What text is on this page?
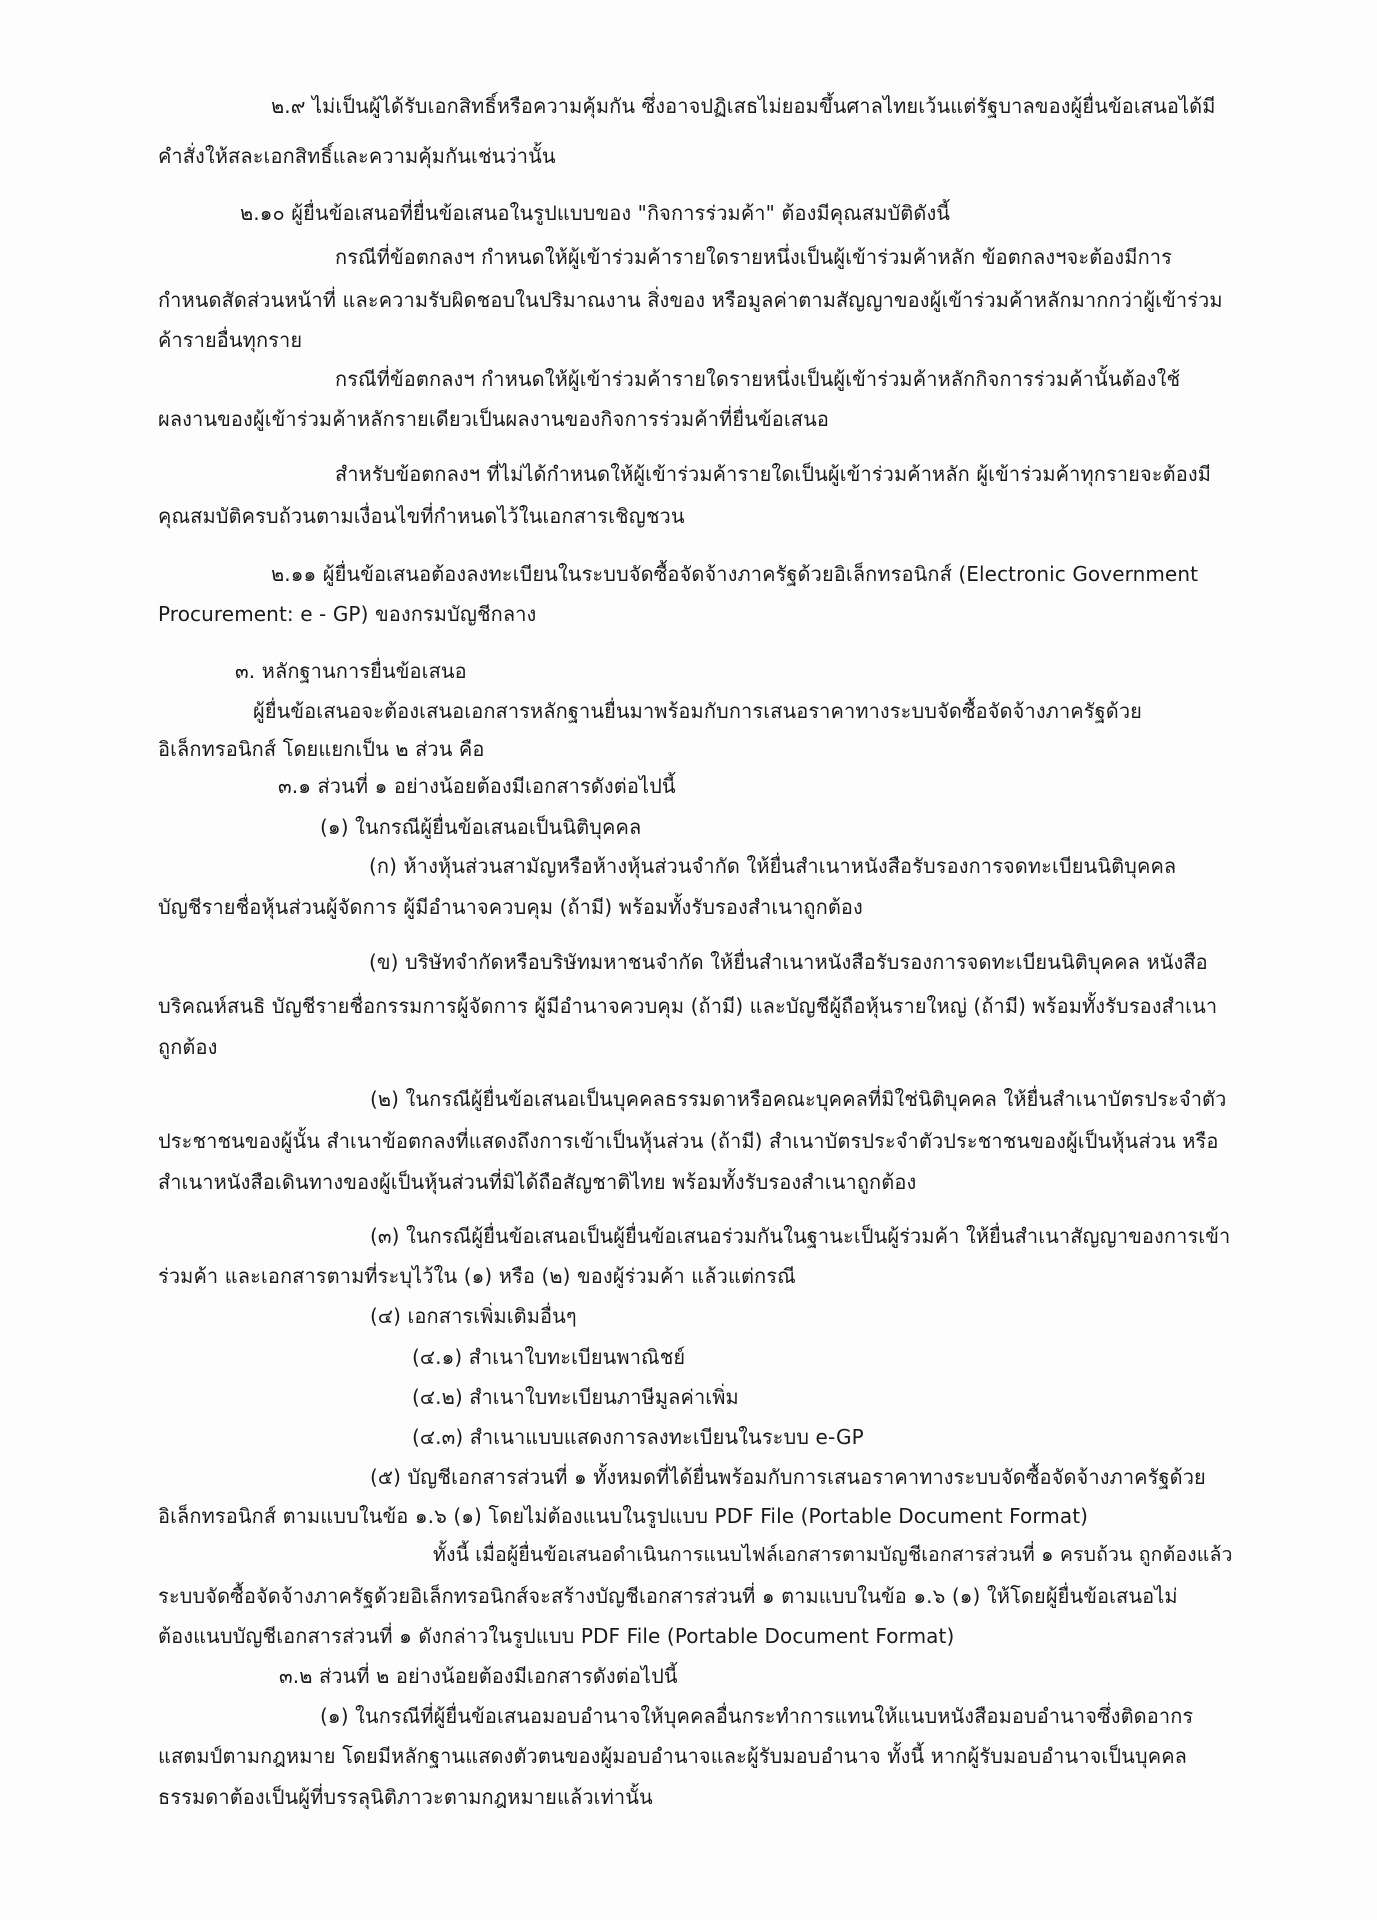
๒.๙ ไม่เป็นผู้ได้รับเอกสิทธิ์หรือความคุ้มกัน ซึ่งอาจปฏิเสธไม่ยอมขึ้นศาลไทยเว้นแต่รัฐบาลของผู้ยื่นข้อเสนอได้มี
คำสั่งให้สละเอกสิทธิ์และความคุ้มกันเช่นว่านั้น
๒.๑๐ ผู้ยื่นข้อเสนอที่ยื่นข้อเสนอในรูปแบบของ "กิจการร่วมค้า" ต้องมีคุณสมบัติดังนี้
กรณีที่ข้อตกลงฯ กำหนดให้ผู้เข้าร่วมค้ารายใดรายหนึ่งเป็นผู้เข้าร่วมค้าหลัก ข้อตกลงฯจะต้องมีการ
กำหนดสัดส่วนหน้าที่ และความรับผิดชอบในปริมาณงาน สิ่งของ หรือมูลค่าตามสัญญาของผู้เข้าร่วมค้าหลักมากกว่าผู้เข้าร่วม
ค้ารายอื่นทุกราย
กรณีที่ข้อตกลงฯ กำหนดให้ผู้เข้าร่วมค้ารายใดรายหนึ่งเป็นผู้เข้าร่วมค้าหลักกิจการร่วมค้านั้นต้องใช้
ผลงานของผู้เข้าร่วมค้าหลักรายเดียวเป็นผลงานของกิจการร่วมค้าที่ยื่นข้อเสนอ
สำหรับข้อตกลงฯ ที่ไม่ได้กำหนดให้ผู้เข้าร่วมค้ารายใดเป็นผู้เข้าร่วมค้าหลัก ผู้เข้าร่วมค้าทุกรายจะต้องมี
คุณสมบัติครบถ้วนตามเงื่อนไขที่กำหนดไว้ในเอกสารเชิญชวน
๒.๑๑ ผู้ยื่นข้อเสนอต้องลงทะเบียนในระบบจัดซื้อจัดจ้างภาครัฐด้วยอิเล็กทรอนิกส์ (Electronic Government
Procurement: e - GP) ของกรมบัญชีกลาง
๓. หลักฐานการยื่นข้อเสนอ
ผู้ยื่นข้อเสนอจะต้องเสนอเอกสารหลักฐานยื่นมาพร้อมกับการเสนอราคาทางระบบจัดซื้อจัดจ้างภาครัฐด้วย
อิเล็กทรอนิกส์ โดยแยกเป็น ๒ ส่วน คือ
๓.๑ ส่วนที่ ๑ อย่างน้อยต้องมีเอกสารดังต่อไปนี้
(๑) ในกรณีผู้ยื่นข้อเสนอเป็นนิติบุคคล
(ก) ห้างหุ้นส่วนสามัญหรือห้างหุ้นส่วนจำกัด ให้ยื่นสำเนาหนังสือรับรองการจดทะเบียนนิติบุคคล
บัญชีรายชื่อหุ้นส่วนผู้จัดการ ผู้มีอำนาจควบคุม (ถ้ามี) พร้อมทั้งรับรองสำเนาถูกต้อง
(ข) บริษัทจำกัดหรือบริษัทมหาชนจำกัด ให้ยื่นสำเนาหนังสือรับรองการจดทะเบียนนิติบุคคล หนังสือ
บริคณห์สนธิ บัญชีรายชื่อกรรมการผู้จัดการ ผู้มีอำนาจควบคุม (ถ้ามี) และบัญชีผู้ถือหุ้นรายใหญ่ (ถ้ามี) พร้อมทั้งรับรองสำเนา
ถูกต้อง
(๒) ในกรณีผู้ยื่นข้อเสนอเป็นบุคคลธรรมดาหรือคณะบุคคลที่มิใช่นิติบุคคล ให้ยื่นสำเนาบัตรประจำตัว
ประชาชนของผู้นั้น สำเนาข้อตกลงที่แสดงถึงการเข้าเป็นหุ้นส่วน (ถ้ามี) สำเนาบัตรประจำตัวประชาชนของผู้เป็นหุ้นส่วน หรือ
สำเนาหนังสือเดินทางของผู้เป็นหุ้นส่วนที่มิได้ถือสัญชาติไทย พร้อมทั้งรับรองสำเนาถูกต้อง
(๓) ในกรณีผู้ยื่นข้อเสนอเป็นผู้ยื่นข้อเสนอร่วมกันในฐานะเป็นผู้ร่วมค้า ให้ยื่นสำเนาสัญญาของการเข้า
ร่วมค้า และเอกสารตามที่ระบุไว้ใน (๑) หรือ (๒) ของผู้ร่วมค้า แล้วแต่กรณี
(๔) เอกสารเพิ่มเติมอื่นๆ
(๔.๑) สำเนาใบทะเบียนพาณิชย์
(๔.๒) สำเนาใบทะเบียนภาษีมูลค่าเพิ่ม
(๔.๓) สำเนาแบบแสดงการลงทะเบียนในระบบ e-GP
(๕) บัญชีเอกสารส่วนที่ ๑ ทั้งหมดที่ได้ยื่นพร้อมกับการเสนอราคาทางระบบจัดซื้อจัดจ้างภาครัฐด้วย
อิเล็กทรอนิกส์ ตามแบบในข้อ ๑.๖ (๑) โดยไม่ต้องแนบในรูปแบบ PDF File (Portable Document Format)
ทั้งนี้ เมื่อผู้ยื่นข้อเสนอดำเนินการแนบไฟล์เอกสารตามบัญชีเอกสารส่วนที่ ๑ ครบถ้วน ถูกต้องแล้ว
ระบบจัดซื้อจัดจ้างภาครัฐด้วยอิเล็กทรอนิกส์จะสร้างบัญชีเอกสารส่วนที่ ๑ ตามแบบในข้อ ๑.๖ (๑) ให้โดยผู้ยื่นข้อเสนอไม่
ต้องแนบบัญชีเอกสารส่วนที่ ๑ ดังกล่าวในรูปแบบ PDF File (Portable Document Format)
๓.๒ ส่วนที่ ๒ อย่างน้อยต้องมีเอกสารดังต่อไปนี้
(๑) ในกรณีที่ผู้ยื่นข้อเสนอมอบอำนาจให้บุคคลอื่นกระทำการแทนให้แนบหนังสือมอบอำนาจซึ่งติดอากร
แสตมป์ตามกฎหมาย โดยมีหลักฐานแสดงตัวตนของผู้มอบอำนาจและผู้รับมอบอำนาจ ทั้งนี้ หากผู้รับมอบอำนาจเป็นบุคคล
ธรรมดาต้องเป็นผู้ที่บรรลุนิติภาวะตามกฎหมายแล้วเท่านั้น
